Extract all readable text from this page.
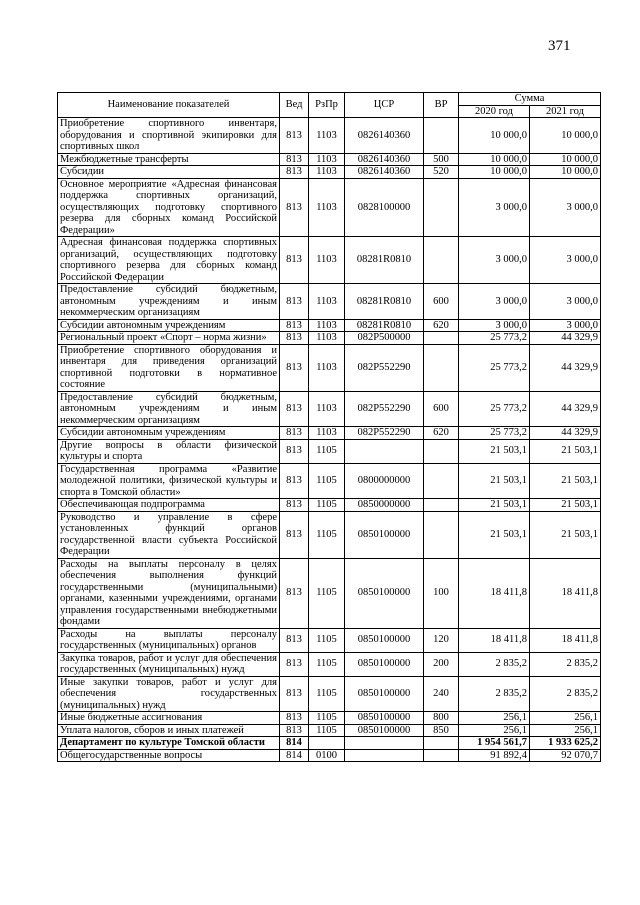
371
Наименование показателей	Вед	РзПр	ЦСР	ВР	Сумма	
					2020 год	2021 год
Приобретение спортивного инвентаря, оборудования и спортивной экипировки для спортивных школ	813	1103	0826140360		10 000,0	10 000,0
Межбюджетные трансферты	813	1103	0826140360	500	10 000,0	10 000,0
Субсидии	813	1103	0826140360	520	10 000,0	10 000,0
Основное мероприятие «Адресная финансовая поддержка спортивных организаций, осуществляющих подготовку спортивного резерва для сборных команд Российской Федерации»	813	1103	0828100000		3 000,0	3 000,0
Адресная финансовая поддержка спортивных организаций, осуществляющих подготовку спортивного резерва для сборных команд Российской Федерации	813	1103	08281R0810		3 000,0	3 000,0
Предоставление субсидий бюджетным, автономным учреждениям и иным некоммерческим организациям	813	1103	08281R0810	600	3 000,0	3 000,0
Субсидии автономным учреждениям	813	1103	08281R0810	620	3 000,0	3 000,0
Региональный проект «Спорт – норма жизни»	813	1103	082P500000		25 773,2	44 329,9
Приобретение спортивного оборудования и инвентаря для приведения организаций спортивной подготовки в нормативное состояние	813	1103	082P552290		25 773,2	44 329,9
Предоставление субсидий бюджетным, автономным учреждениям и иным некоммерческим организациям	813	1103	082P552290	600	25 773,2	44 329,9
Субсидии автономным учреждениям	813	1103	082P552290	620	25 773,2	44 329,9
Другие вопросы в области физической культуры и спорта	813	1105			21 503,1	21 503,1
Государственная программа «Развитие молодежной политики, физической культуры и спорта в Томской области»	813	1105	0800000000		21 503,1	21 503,1
Обеспечивающая подпрограмма	813	1105	0850000000		21 503,1	21 503,1
Руководство и управление в сфере установленных функций органов государственной власти субъекта Российской Федерации	813	1105	0850100000		21 503,1	21 503,1
Расходы на выплаты персоналу в целях обеспечения выполнения функций государственными (муниципальными) органами, казенными учреждениями, органами управления государственными внебюджетными фондами	813	1105	0850100000	100	18 411,8	18 411,8
Расходы на выплаты персоналу государственных (муниципальных) органов	813	1105	0850100000	120	18 411,8	18 411,8
Закупка товаров, работ и услуг для обеспечения государственных (муниципальных) нужд	813	1105	0850100000	200	2 835,2	2 835,2
Иные закупки товаров, работ и услуг для обеспечения государственных (муниципальных) нужд	813	1105	0850100000	240	2 835,2	2 835,2
Иные бюджетные ассигнования	813	1105	0850100000	800	256,1	256,1
Уплата налогов, сборов и иных платежей	813	1105	0850100000	850	256,1	256,1
Департамент по культуре Томской области	814				1 954 561,7	1 933 625,2
Общегосударственные вопросы	814	0100			91 892,4	92 070,7
